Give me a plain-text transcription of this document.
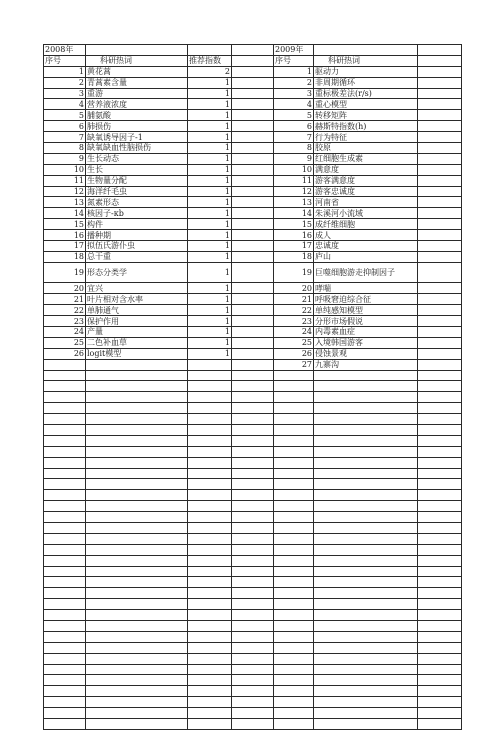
2008年				2009年		
序号	科研热词	推荐指数		序号	科研热词	
1	黄花蒿	2		1	驱动力	
2	青蒿素含量	1		2	非周期循环	
3	重游	1		3	重标极差法(r/s)	
4	营养液浓度	1		4	重心模型	
5	脯氨酸	1		5	转移矩阵	
6	肺损伤	1		6	赫斯特指数(h)	
7	缺氧诱导因子-1	1		7	行为特征	
8	缺氧缺血性脑损伤	1		8	胶原	
9	生长动态	1		9	红细胞生成素	
10	生长	1		10	满意度	
11	生物量分配	1		11	游客满意度	
12	海洋纤毛虫	1		12	游客忠诚度	
13	氮素形态	1		13	河南省	
14	核因子-κb	1		14	朱溪河小流域	
15	构件	1		15	成纤维细胞	
16	播种期	1		16	成人	
17	拟伍氏游仆虫	1		17	忠诚度	
18	总干重	1		18	庐山	
19	形态分类学	1		19	巨噬细胞游走抑制因子	
20	宜兴	1		20	哮喘	
21	叶片相对含水率	1		21	呼吸窘迫综合征	
22	单肺通气	1		22	单纯感知模型	
23	保护作用	1		23	分形市场假说	
24	产量	1		24	内毒素血症	
25	二色补血草	1		25	入境韩国游客	
26	logit模型	1		26	侵蚀景观	
				27	九寨沟	
